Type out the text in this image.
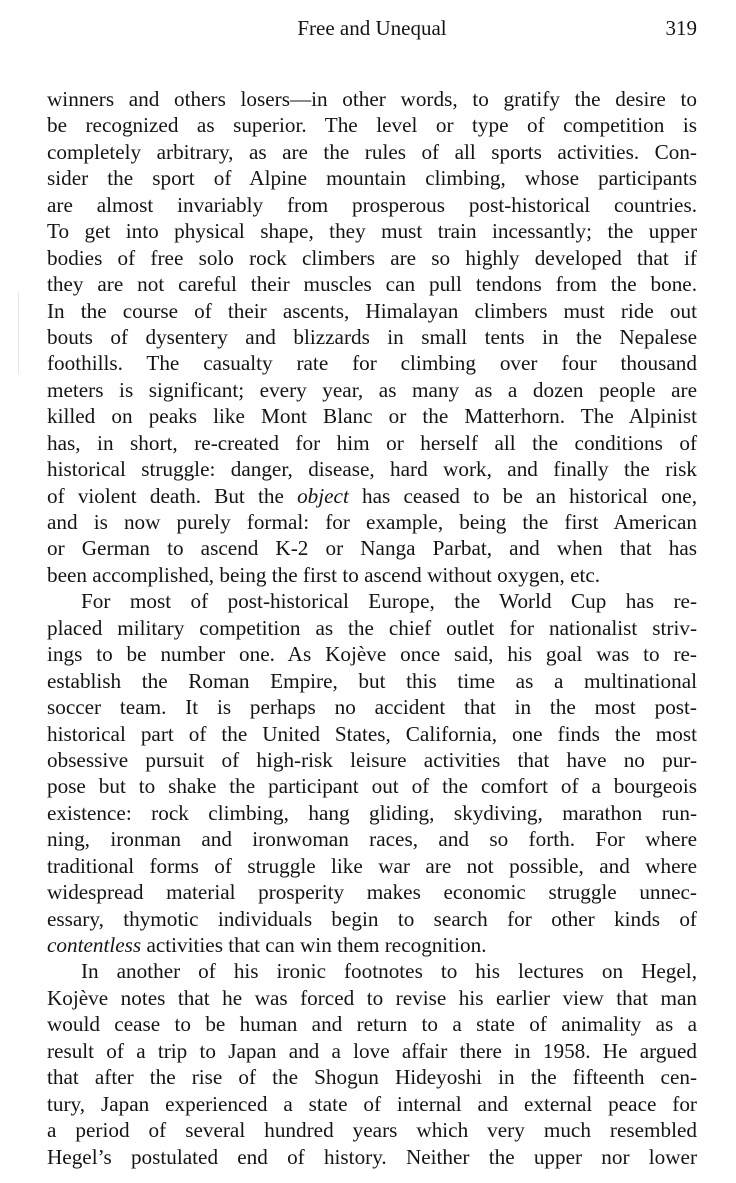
Free and Unequal	319
winners and others losers—in other words, to gratify the desire to
be recognized as superior. The level or type of competition is
completely arbitrary, as are the rules of all sports activities. Con-
sider the sport of Alpine mountain climbing, whose participants
are almost invariably from prosperous post-historical countries.
To get into physical shape, they must train incessantly; the upper
bodies of free solo rock climbers are so highly developed that if
they are not careful their muscles can pull tendons from the bone.
In the course of their ascents, Himalayan climbers must ride out
bouts of dysentery and blizzards in small tents in the Nepalese
foothills. The casualty rate for climbing over four thousand
meters is significant; every year, as many as a dozen people are
killed on peaks like Mont Blanc or the Matterhorn. The Alpinist
has, in short, re-created for him or herself all the conditions of
historical struggle: danger, disease, hard work, and finally the risk
of violent death. But the object has ceased to be an historical one,
and is now purely formal: for example, being the first American
or German to ascend K-2 or Nanga Parbat, and when that has
been accomplished, being the first to ascend without oxygen, etc.
For most of post-historical Europe, the World Cup has re-
placed military competition as the chief outlet for nationalist striv-
ings to be number one. As Kojève once said, his goal was to re-
establish the Roman Empire, but this time as a multinational
soccer team. It is perhaps no accident that in the most post-
historical part of the United States, California, one finds the most
obsessive pursuit of high-risk leisure activities that have no pur-
pose but to shake the participant out of the comfort of a bourgeois
existence: rock climbing, hang gliding, skydiving, marathon run-
ning, ironman and ironwoman races, and so forth. For where
traditional forms of struggle like war are not possible, and where
widespread material prosperity makes economic struggle unnec-
essary, thymotic individuals begin to search for other kinds of
contentless activities that can win them recognition.
In another of his ironic footnotes to his lectures on Hegel,
Kojève notes that he was forced to revise his earlier view that man
would cease to be human and return to a state of animality as a
result of a trip to Japan and a love affair there in 1958. He argued
that after the rise of the Shogun Hideyoshi in the fifteenth cen-
tury, Japan experienced a state of internal and external peace for
a period of several hundred years which very much resembled
Hegel’s postulated end of history. Neither the upper nor lower
